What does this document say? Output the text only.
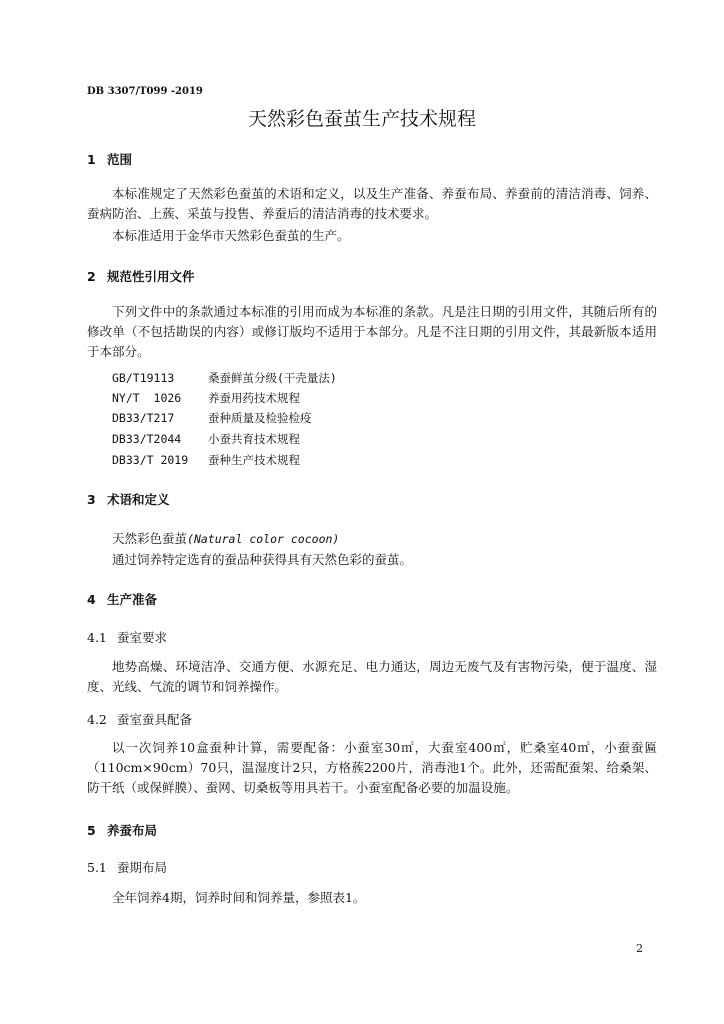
DB 3307/T099 -2019
天然彩色蚕茧生产技术规程
1 范围
本标准规定了天然彩色蚕茧的术语和定义，以及生产准备、养蚕布局、养蚕前的清洁消毒、饲养、蚕病防治、上蔟、采茧与投售、养蚕后的清洁消毒的技术要求。
本标准适用于金华市天然彩色蚕茧的生产。
2 规范性引用文件
下列文件中的条款通过本标准的引用而成为本标准的条款。凡是注日期的引用文件，其随后所有的修改单（不包括勘误的内容）或修订版均不适用于本部分。凡是不注日期的引用文件，其最新版本适用于本部分。
GB/T19113	桑蚕鲜茧分级(干壳量法)
NY/T  1026 养蚕用药技术规程
DB33/T217	蚕种质量及检验检疫
DB33/T2044 小蚕共育技术规程
DB33/T 2019 蚕种生产技术规程
3 术语和定义
天然彩色蚕茧(Natural color cocoon)
通过饲养特定选育的蚕品种获得具有天然色彩的蚕茧。
4 生产准备
4.1 蚕室要求
地势高燥、环境洁净、交通方便、水源充足、电力通达，周边无废气及有害物污染，便于温度、湿度、光线、气流的调节和饲养操作。
4.2 蚕室蚕具配备
以一次饲养10盒蚕种计算，需要配备：小蚕室30㎡，大蚕室400㎡，贮桑室40㎡，小蚕蚕匾（110cm×90cm）70只，温湿度计2只，方格蔟2200片，消毒池1个。此外，还需配蚕架、给桑架、防干纸（或保鲜膜）、蚕网、切桑板等用具若干。小蚕室配备必要的加温设施。
5 养蚕布局
5.1 蚕期布局
全年饲养4期，饲养时间和饲养量，参照表1。
2
